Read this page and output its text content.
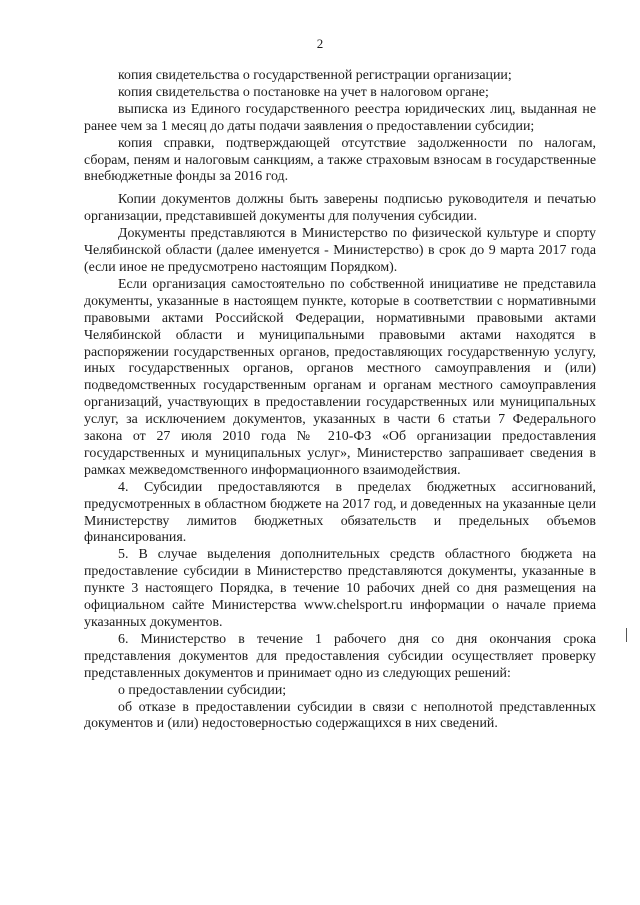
2

копия свидетельства о государственной регистрации организации;

копия свидетельства о постановке на учет в налоговом органе;

выписка из Единого государственного реестра юридических лиц, выданная не ранее чем за 1 месяц до даты подачи заявления о предоставлении субсидии;

копия справки, подтверждающей отсутствие задолженности по налогам, сборам, пеням и налоговым санкциям, а также страховым взносам в государственные внебюджетные фонды за 2016 год.

Копии документов должны быть заверены подписью руководителя и печатью организации, представившей документы для получения субсидии.

Документы представляются в Министерство по физической культуре и спорту Челябинской области (далее именуется - Министерство) в срок до 9 марта 2017 года (если иное не предусмотрено настоящим Порядком).

Если организация самостоятельно по собственной инициативе не представила документы, указанные в настоящем пункте, которые в соответствии с нормативными правовыми актами Российской Федерации, нормативными правовыми актами Челябинской области и муниципальными правовыми актами находятся в распоряжении государственных органов, предоставляющих государственную услугу, иных государственных органов, органов местного самоуправления и (или) подведомственных государственным органам и органам местного самоуправления организаций, участвующих в предоставлении государственных или муниципальных услуг, за исключением документов, указанных в части 6 статьи 7 Федерального закона от 27 июля 2010 года № 210-ФЗ «Об организации предоставления государственных и муниципальных услуг», Министерство запрашивает сведения в рамках межведомственного информационного взаимодействия.

4. Субсидии предоставляются в пределах бюджетных ассигнований, предусмотренных в областном бюджете на 2017 год, и доведенных на указанные цели Министерству лимитов бюджетных обязательств и предельных объемов финансирования.

5. В случае выделения дополнительных средств областного бюджета на предоставление субсидии в Министерство представляются документы, указанные в пункте 3 настоящего Порядка, в течение 10 рабочих дней со дня размещения на официальном сайте Министерства www.chelsport.ru информации о начале приема указанных документов.

6. Министерство в течение 1 рабочего дня со дня окончания срока представления документов для предоставления субсидии осуществляет проверку представленных документов и принимает одно из следующих решений:

о предоставлении субсидии;

об отказе в предоставлении субсидии в связи с неполнотой представленных документов и (или) недостоверностью содержащихся в них сведений.
